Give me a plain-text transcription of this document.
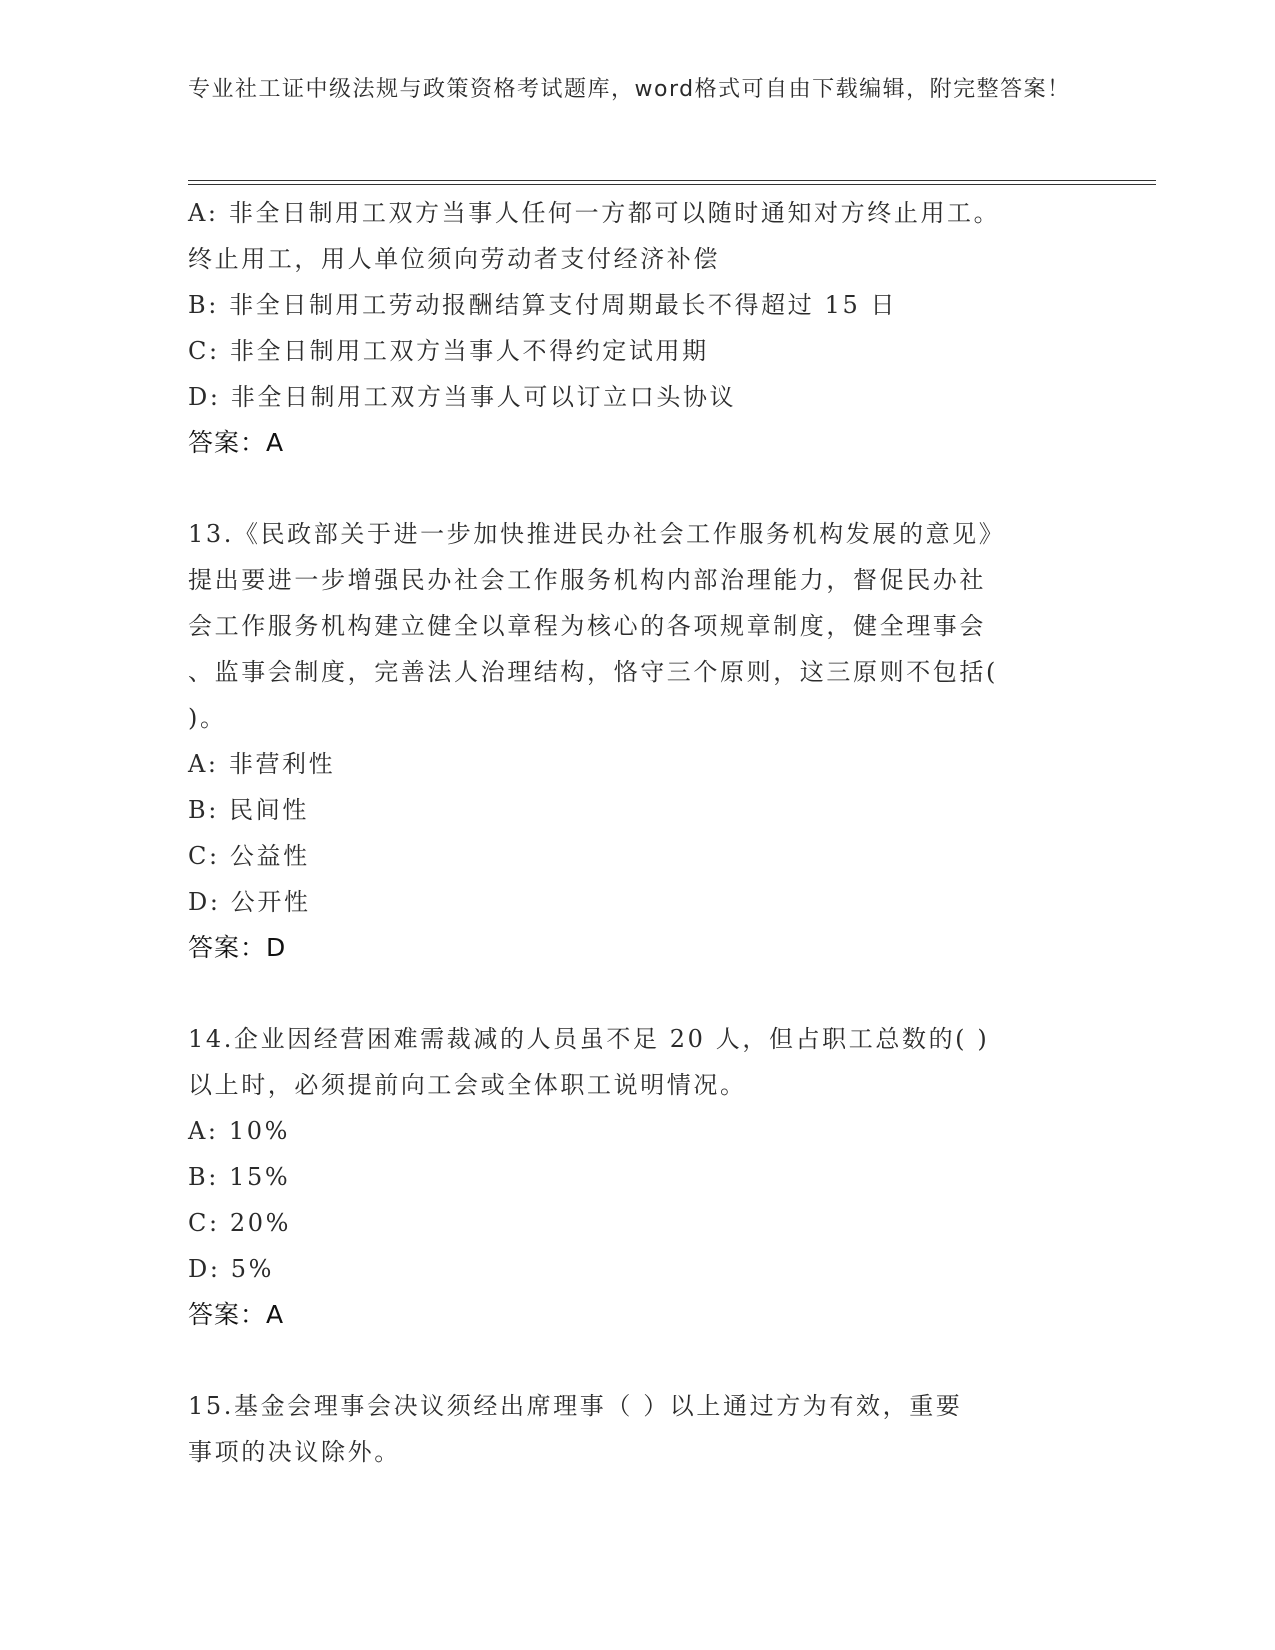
专业社工证中级法规与政策资格考试题库，word格式可自由下载编辑，附完整答案！
A: 非全日制用工双方当事人任何一方都可以随时通知对方终止用工。
终止用工，用人单位须向劳动者支付经济补偿
B: 非全日制用工劳动报酬结算支付周期最长不得超过 15 日
C: 非全日制用工双方当事人不得约定试用期
D: 非全日制用工双方当事人可以订立口头协议
答案：A
13.《民政部关于进一步加快推进民办社会工作服务机构发展的意见》
提出要进一步增强民办社会工作服务机构内部治理能力，督促民办社
会工作服务机构建立健全以章程为核心的各项规章制度，健全理事会
、监事会制度，完善法人治理结构，恪守三个原则，这三原则不包括(
)。
A: 非营利性
B: 民间性
C: 公益性
D: 公开性
答案：D
14.企业因经营困难需裁减的人员虽不足 20 人，但占职工总数的( )
以上时，必须提前向工会或全体职工说明情况。
A: 10%
B: 15%
C: 20%
D: 5%
答案：A
15.基金会理事会决议须经出席理事（ ）以上通过方为有效，重要
事项的决议除外。
